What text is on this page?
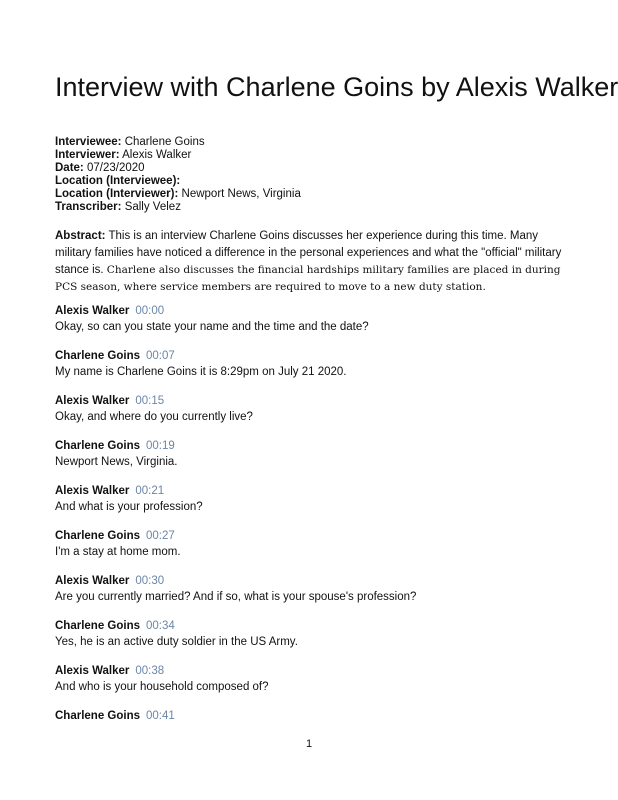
Interview with Charlene Goins by Alexis Walker
Interviewee: Charlene Goins
Interviewer: Alexis Walker
Date: 07/23/2020
Location (Interviewee):
Location (Interviewer): Newport News, Virginia
Transcriber: Sally Velez
Abstract: This is an interview Charlene Goins discusses her experience during this time. Many military families have noticed a difference in the personal experiences and what the "official" military stance is. Charlene also discusses the financial hardships military families are placed in during PCS season, where service members are required to move to a new duty station.
Alexis Walker 00:00
Okay, so can you state your name and the time and the date?
Charlene Goins 00:07
My name is Charlene Goins it is 8:29pm on July 21 2020.
Alexis Walker 00:15
Okay, and where do you currently live?
Charlene Goins 00:19
Newport News, Virginia.
Alexis Walker 00:21
And what is your profession?
Charlene Goins 00:27
I'm a stay at home mom.
Alexis Walker 00:30
Are you currently married? And if so, what is your spouse's profession?
Charlene Goins 00:34
Yes, he is an active duty soldier in the US Army.
Alexis Walker 00:38
And who is your household composed of?
Charlene Goins 00:41
1
